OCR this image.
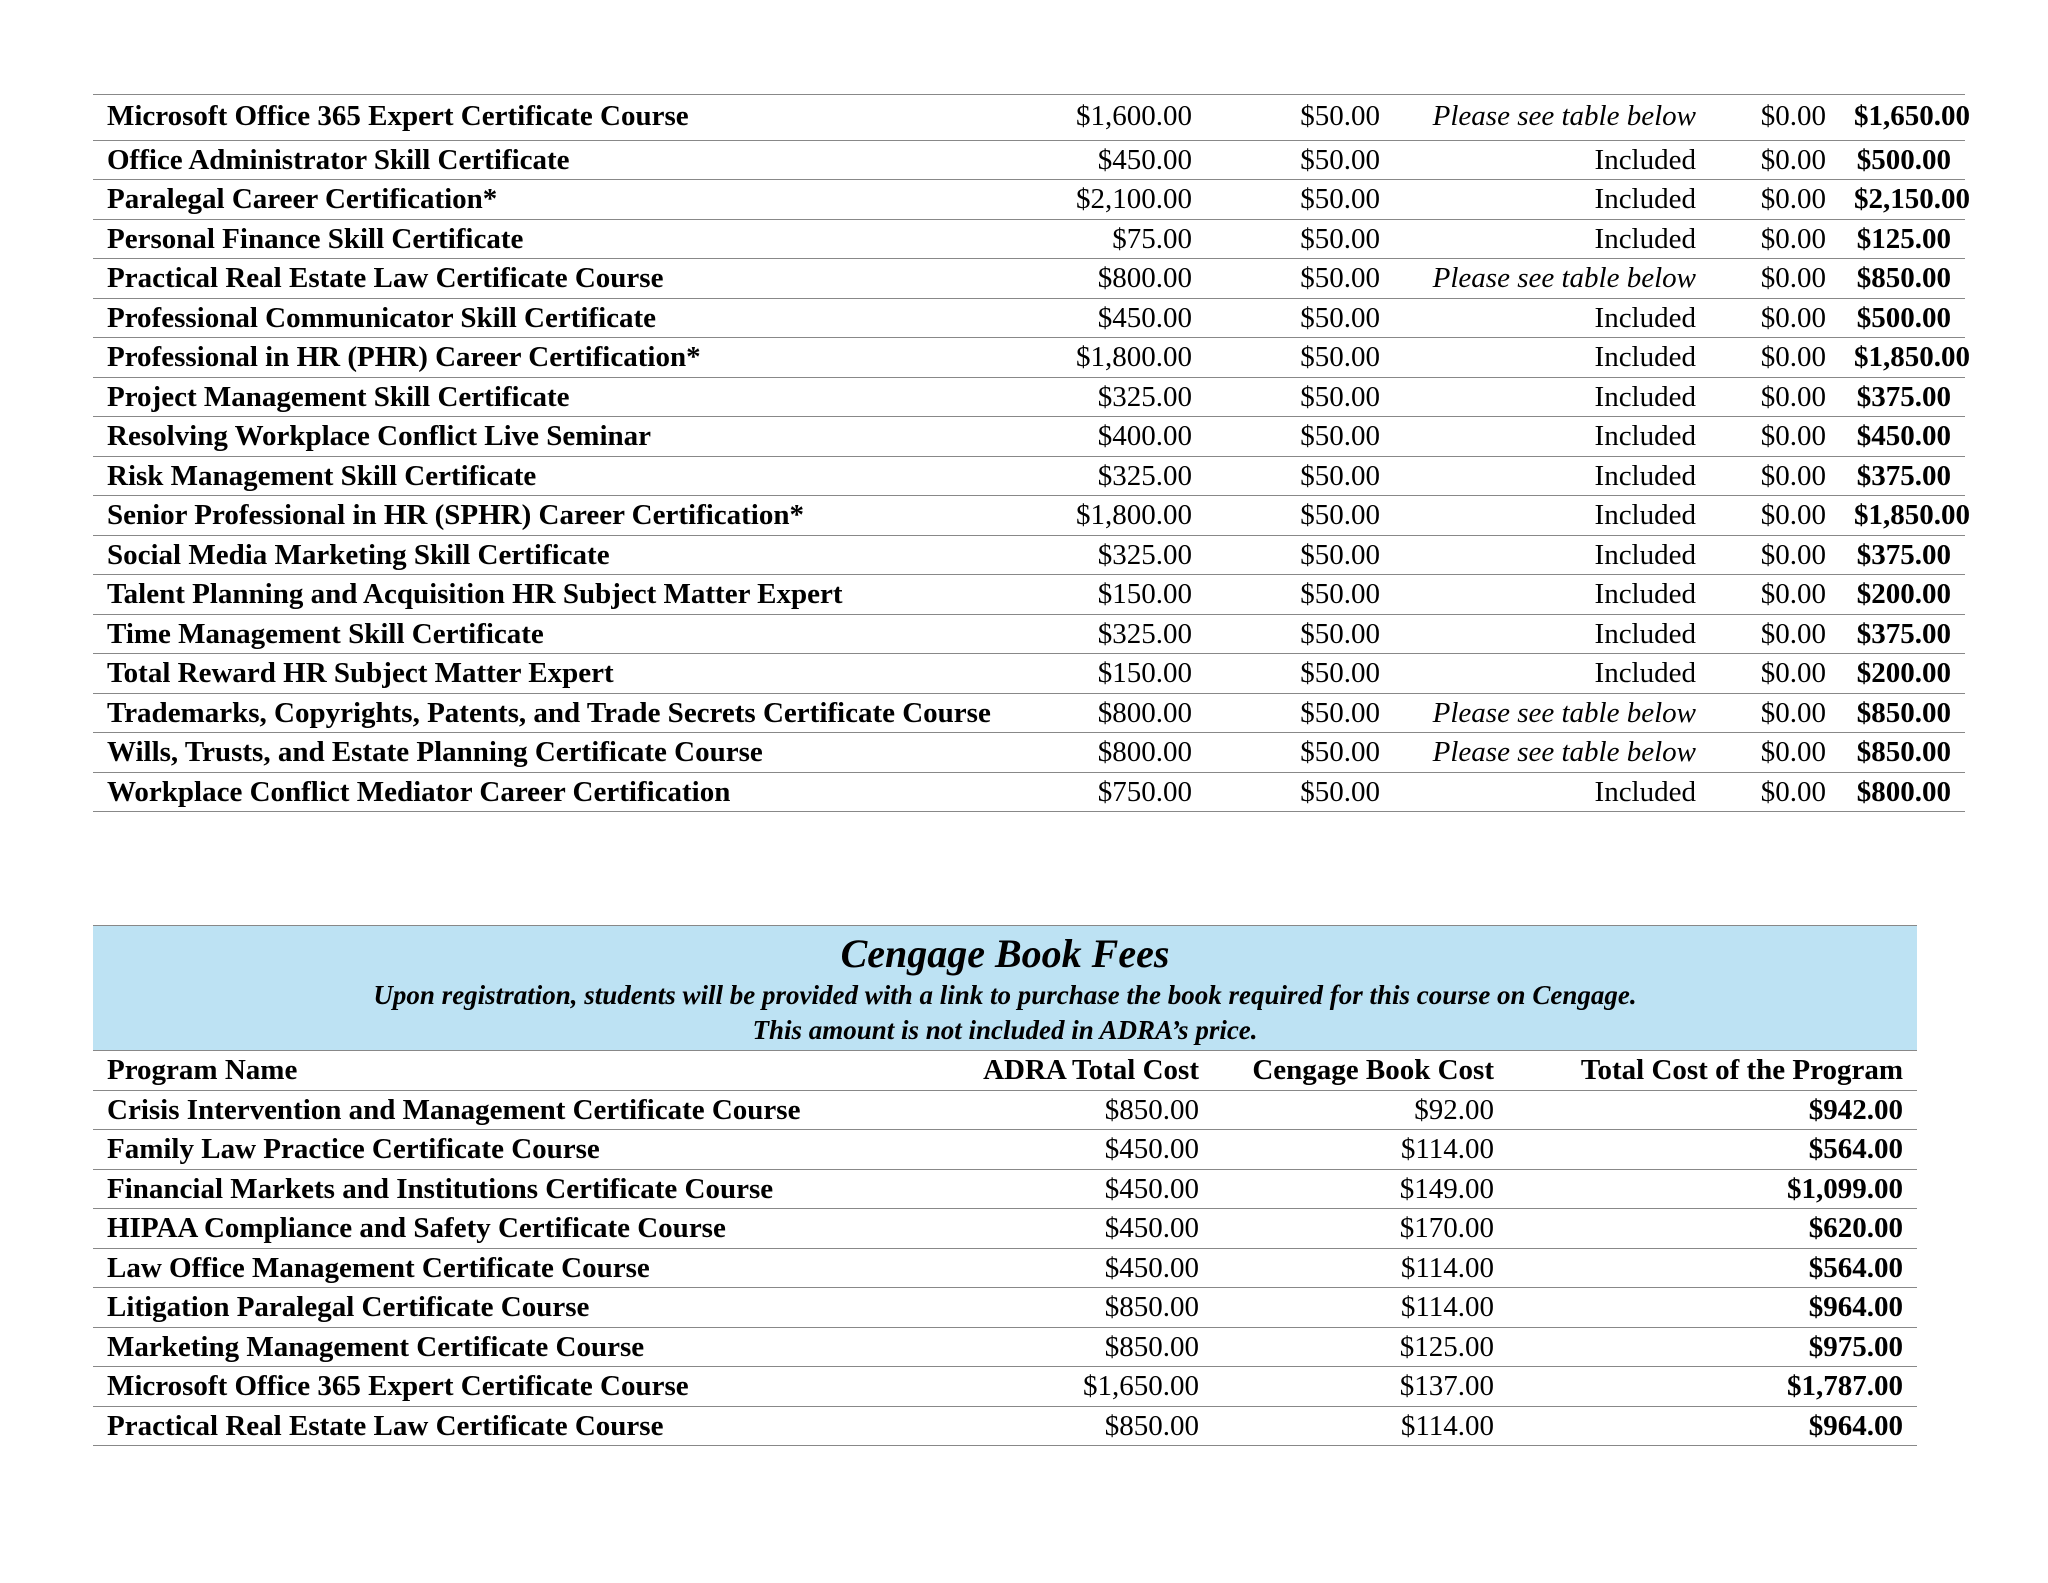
Microsoft Office 365 Expert Certificate Course	$1,600.00	$50.00	Please see table below	$0.00	$1,650.00
Office Administrator Skill Certificate	$450.00	$50.00	Included	$0.00	$500.00
Paralegal Career Certification*	$2,100.00	$50.00	Included	$0.00	$2,150.00
Personal Finance Skill Certificate	$75.00	$50.00	Included	$0.00	$125.00
Practical Real Estate Law Certificate Course	$800.00	$50.00	Please see table below	$0.00	$850.00
Professional Communicator Skill Certificate	$450.00	$50.00	Included	$0.00	$500.00
Professional in HR (PHR) Career Certification*	$1,800.00	$50.00	Included	$0.00	$1,850.00
Project Management Skill Certificate	$325.00	$50.00	Included	$0.00	$375.00
Resolving Workplace Conflict Live Seminar	$400.00	$50.00	Included	$0.00	$450.00
Risk Management Skill Certificate	$325.00	$50.00	Included	$0.00	$375.00
Senior Professional in HR (SPHR) Career Certification*	$1,800.00	$50.00	Included	$0.00	$1,850.00
Social Media Marketing Skill Certificate	$325.00	$50.00	Included	$0.00	$375.00
Talent Planning and Acquisition HR Subject Matter Expert	$150.00	$50.00	Included	$0.00	$200.00
Time Management Skill Certificate	$325.00	$50.00	Included	$0.00	$375.00
Total Reward HR Subject Matter Expert	$150.00	$50.00	Included	$0.00	$200.00
Trademarks, Copyrights, Patents, and Trade Secrets Certificate Course	$800.00	$50.00	Please see table below	$0.00	$850.00
Wills, Trusts, and Estate Planning Certificate Course	$800.00	$50.00	Please see table below	$0.00	$850.00
Workplace Conflict Mediator Career Certification	$750.00	$50.00	Included	$0.00	$800.00
Cengage Book Fees
Upon registration, students will be provided with a link to purchase the book required for this course on Cengage.
This amount is not included in ADRA’s price.
Program Name	ADRA Total Cost	Cengage Book Cost	Total Cost of the Program
Crisis Intervention and Management Certificate Course	$850.00	$92.00	$942.00
Family Law Practice Certificate Course	$450.00	$114.00	$564.00
Financial Markets and Institutions Certificate Course	$450.00	$149.00	$1,099.00
HIPAA Compliance and Safety Certificate Course	$450.00	$170.00	$620.00
Law Office Management Certificate Course	$450.00	$114.00	$564.00
Litigation Paralegal Certificate Course	$850.00	$114.00	$964.00
Marketing Management Certificate Course	$850.00	$125.00	$975.00
Microsoft Office 365 Expert Certificate Course	$1,650.00	$137.00	$1,787.00
Practical Real Estate Law Certificate Course	$850.00	$114.00	$964.00
